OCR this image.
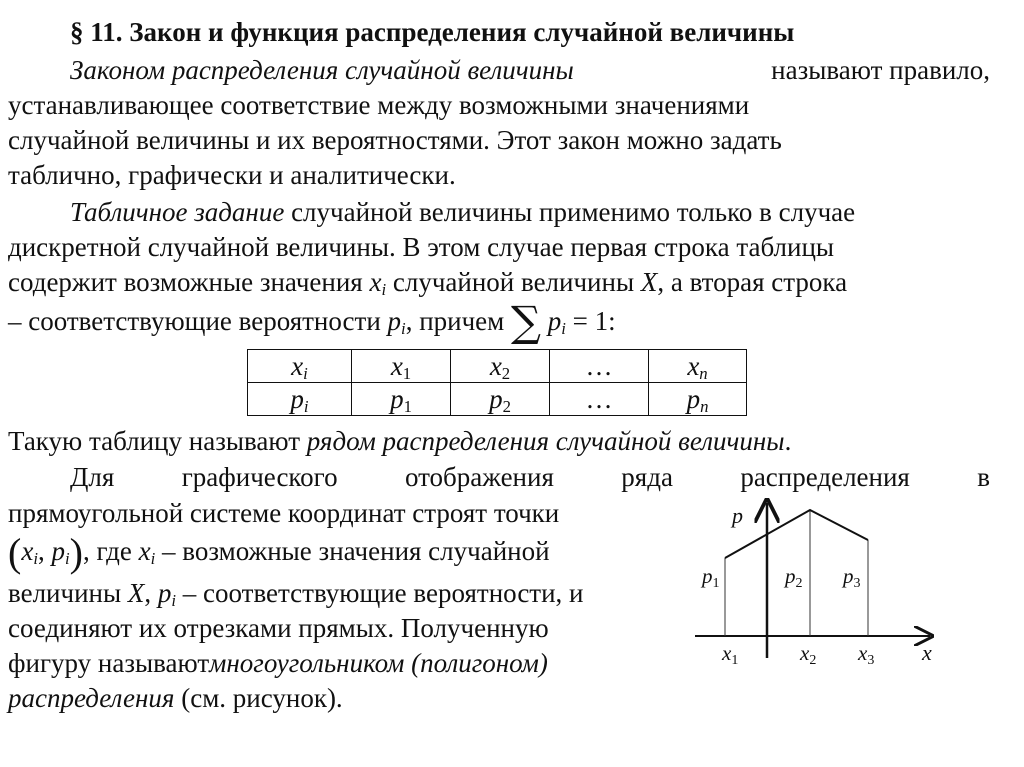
§ 11. Закон и функция распределения случайной величины
Законом распределения случайной величины	называют правило,
устанавливающее соответствие между возможными значениями
случайной величины и их вероятностями. Этот закон можно задать
таблично, графически и аналитически.
Табличное задание случайной величины применимо только в случае
дискретной случайной величины. В этом случае первая строка таблицы
содержит возможные значения $x_i$ случайной величины X, а вторая строка
– соответствующие вероятности $p_i$, причем ∑ $p_i = 1$:
$x_i$	$x_1$	$x_2$	…	$x_n$
$p_i$	$p_1$	$p_2$	…	$p_n$
Такую таблицу называют рядом распределения случайной величины.
Для графического отображения ряда распределения в
прямоугольной системе координат строят точки
($x_i$, $p_i$), где $x_i$ – возможные значения случайной
величины X, $p_i$ – соответствующие вероятности, и
соединяют их отрезками прямых. Полученную
фигуру называют многоугольником (полигоном)
распределения (см. рисунок).
p
x
p1	p2 p3
x1	x2 x3
